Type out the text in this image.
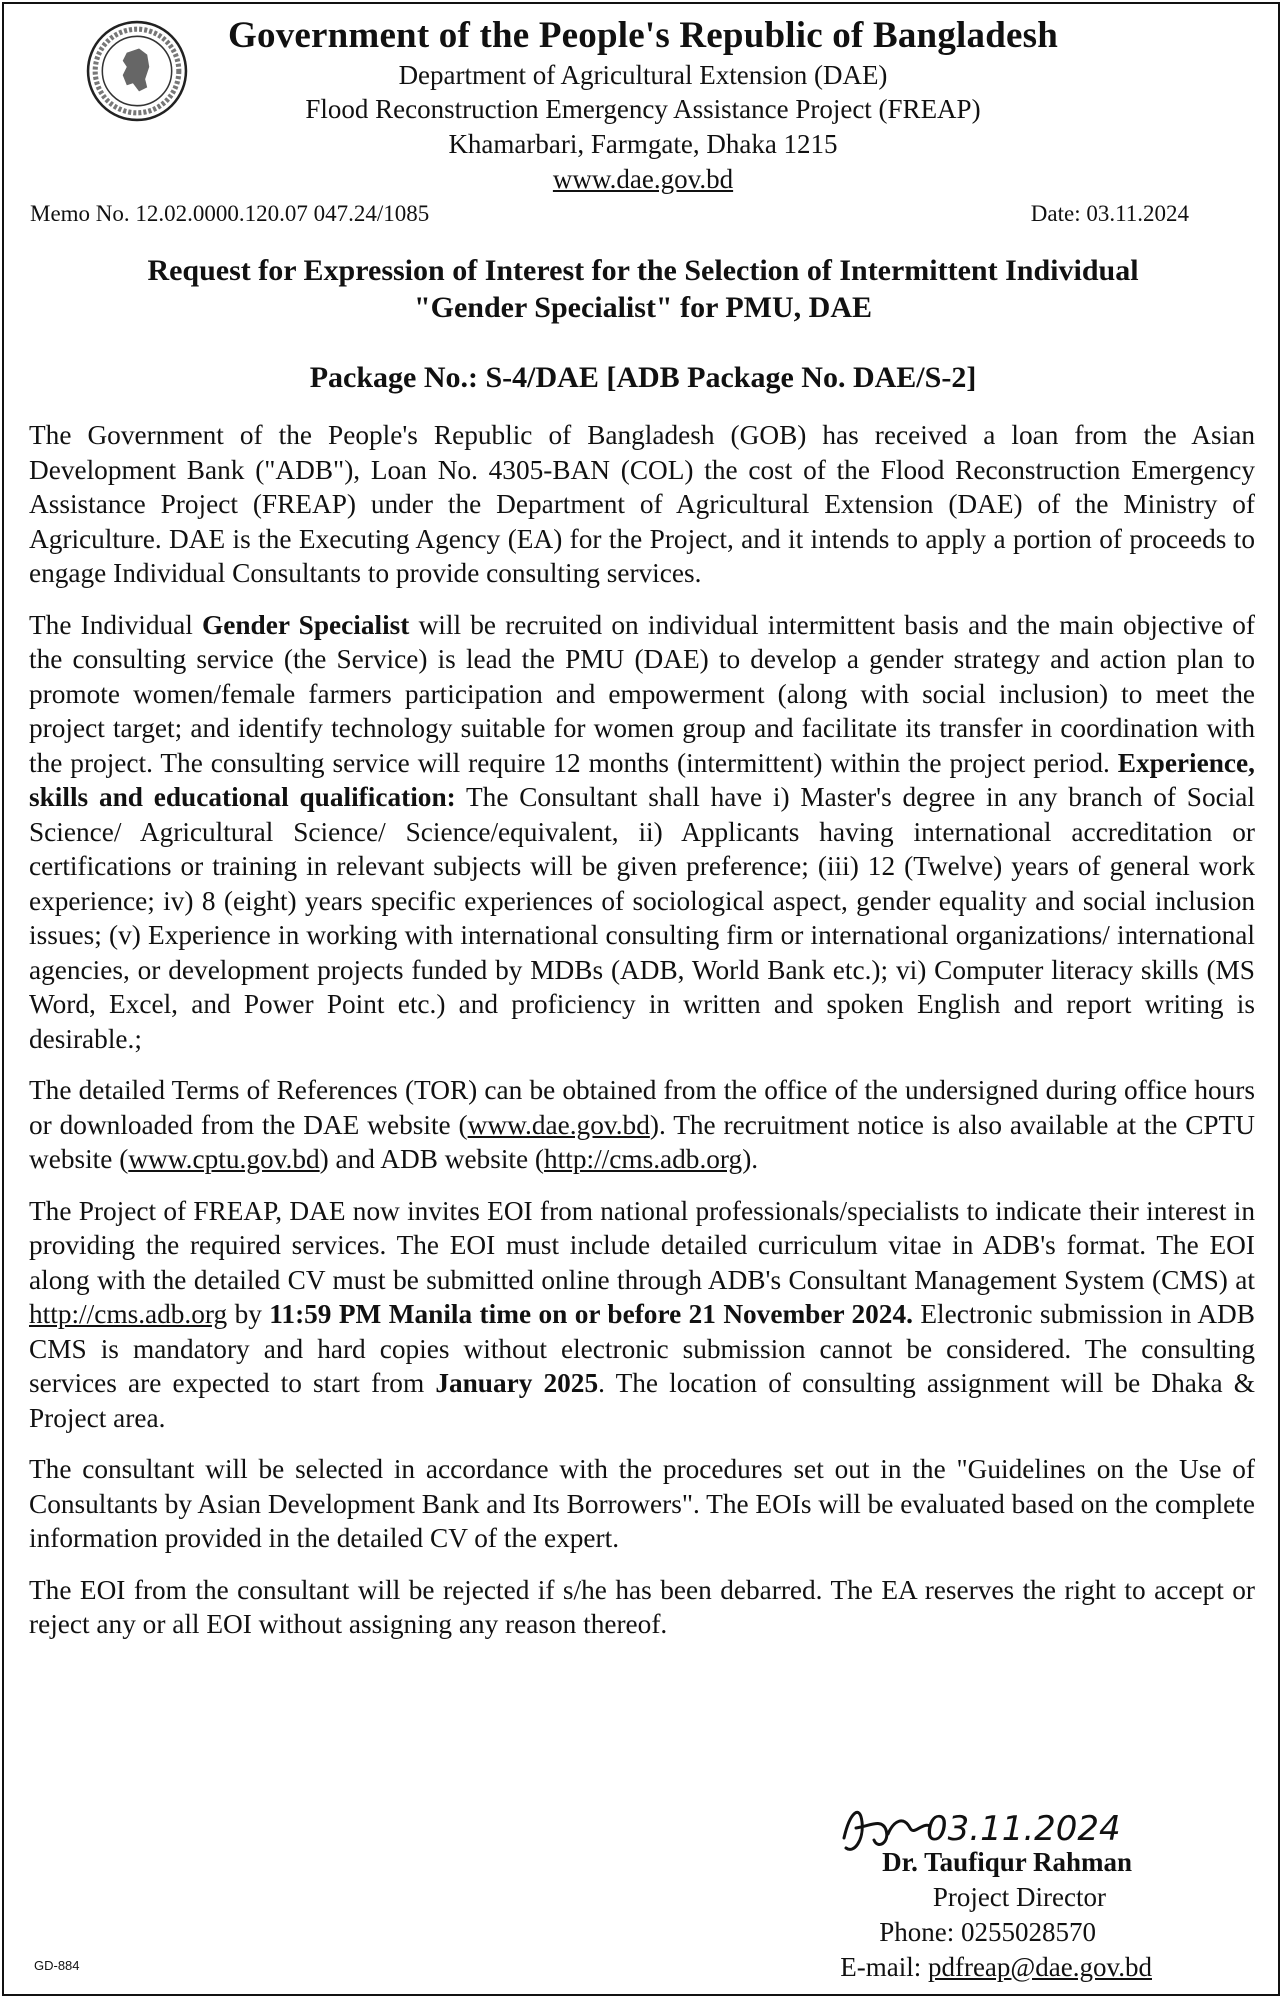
Government of the People's Republic of Bangladesh
Department of Agricultural Extension (DAE)
Flood Reconstruction Emergency Assistance Project (FREAP)
Khamarbari, Farmgate, Dhaka 1215
www.dae.gov.bd
Memo No. 12.02.0000.120.07 047.24/1085	Date: 03.11.2024
Request for Expression of Interest for the Selection of Intermittent Individual
"Gender Specialist" for PMU, DAE
Package No.: S-4/DAE [ADB Package No. DAE/S-2]

The Government of the People's Republic of Bangladesh (GOB) has received a loan from the Asian Development Bank ("ADB"), Loan No. 4305-BAN (COL) the cost of the Flood Reconstruction Emergency Assistance Project (FREAP) under the Department of Agricultural Extension (DAE) of the Ministry of Agriculture. DAE is the Executing Agency (EA) for the Project, and it intends to apply a portion of proceeds to engage Individual Consultants to provide consulting services.

The Individual Gender Specialist will be recruited on individual intermittent basis and the main objective of the consulting service (the Service) is lead the PMU (DAE) to develop a gender strategy and action plan to promote women/female farmers participation and empowerment (along with social inclusion) to meet the project target; and identify technology suitable for women group and facilitate its transfer in coordination with the project. The consulting service will require 12 months (intermittent) within the project period. Experience, skills and educational qualification: The Consultant shall have i) Master's degree in any branch of Social Science/ Agricultural Science/ Science/equivalent, ii) Applicants having international accreditation or certifications or training in relevant subjects will be given preference; (iii) 12 (Twelve) years of general work experience; iv) 8 (eight) years specific experiences of sociological aspect, gender equality and social inclusion issues; (v) Experience in working with international consulting firm or international organizations/ international agencies, or development projects funded by MDBs (ADB, World Bank etc.); vi) Computer literacy skills (MS Word, Excel, and Power Point etc.) and proficiency in written and spoken English and report writing is desirable.;

The detailed Terms of References (TOR) can be obtained from the office of the undersigned during office hours or downloaded from the DAE website (www.dae.gov.bd). The recruitment notice is also available at the CPTU website (www.cptu.gov.bd) and ADB website (http://cms.adb.org).

The Project of FREAP, DAE now invites EOI from national professionals/specialists to indicate their interest in providing the required services. The EOI must include detailed curriculum vitae in ADB's format. The EOI along with the detailed CV must be submitted online through ADB's Consultant Management System (CMS) at http://cms.adb.org by 11:59 PM Manila time on or before 21 November 2024. Electronic submission in ADB CMS is mandatory and hard copies without electronic submission cannot be considered. The consulting services are expected to start from January 2025. The location of consulting assignment will be Dhaka & Project area.

The consultant will be selected in accordance with the procedures set out in the "Guidelines on the Use of Consultants by Asian Development Bank and Its Borrowers". The EOIs will be evaluated based on the complete information provided in the detailed CV of the expert.

The EOI from the consultant will be rejected if s/he has been debarred. The EA reserves the right to accept or reject any or all EOI without assigning any reason thereof.

03.11.2024
Dr. Taufiqur Rahman
Project Director
Phone: 0255028570
E-mail: pdfreap@dae.gov.bd
GD-884
